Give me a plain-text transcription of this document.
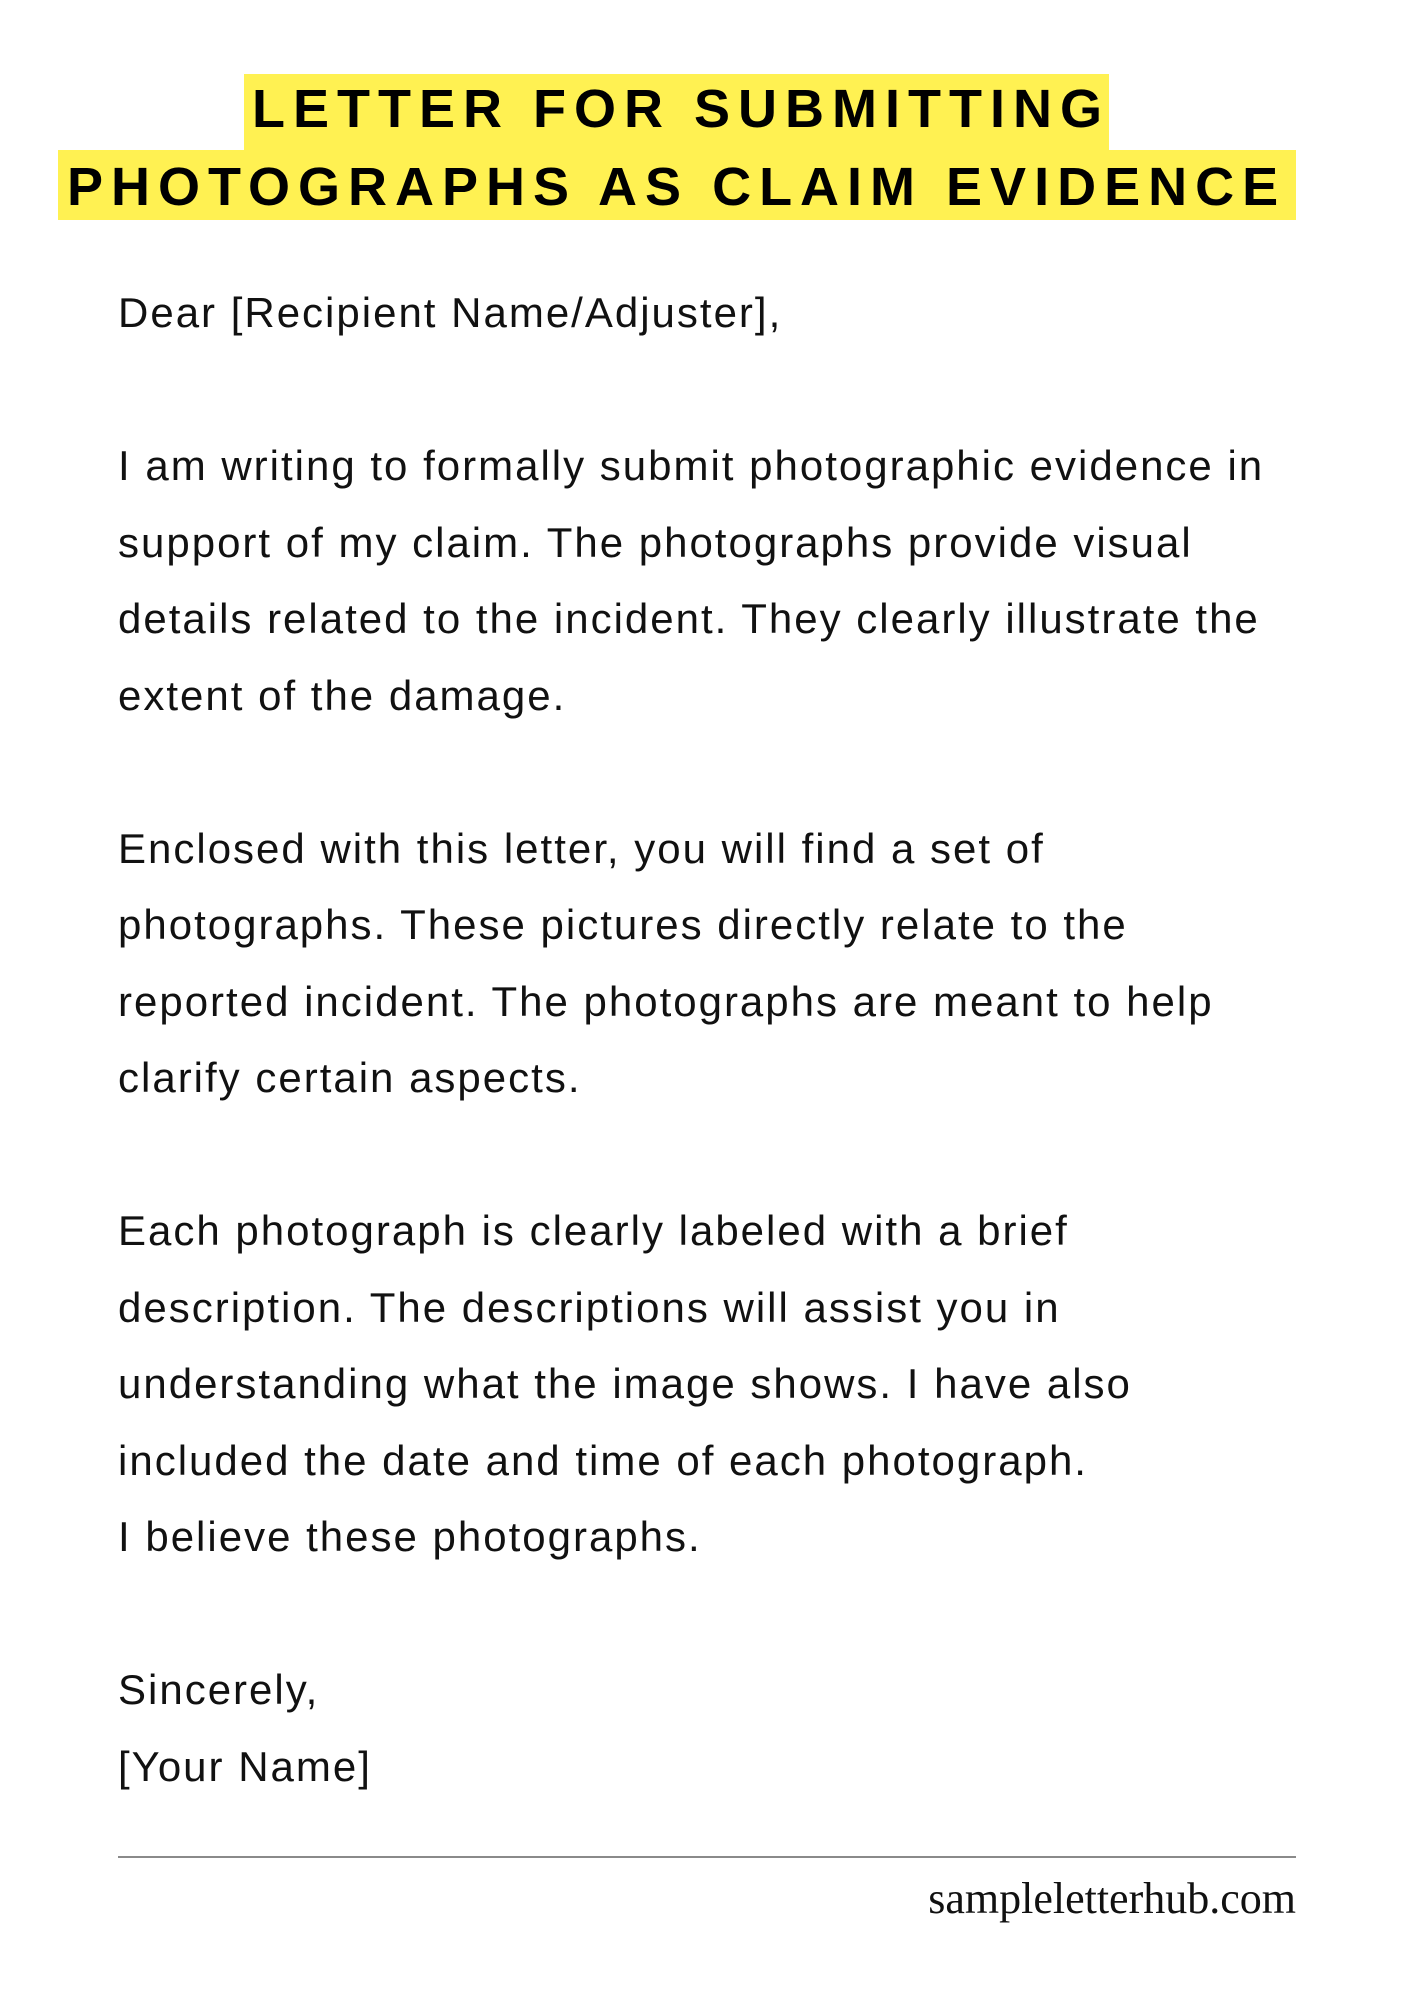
LETTER FOR SUBMITTING
PHOTOGRAPHS AS CLAIM EVIDENCE
Dear [Recipient Name/Adjuster],
I am writing to formally submit photographic evidence in
support of my claim. The photographs provide visual
details related to the incident. They clearly illustrate the
extent of the damage.
Enclosed with this letter, you will find a set of
photographs. These pictures directly relate to the
reported incident. The photographs are meant to help
clarify certain aspects.
Each photograph is clearly labeled with a brief
description. The descriptions will assist you in
understanding what the image shows. I have also
included the date and time of each photograph.
I believe these photographs.
Sincerely,
[Your Name]
sampleletterhub.com
